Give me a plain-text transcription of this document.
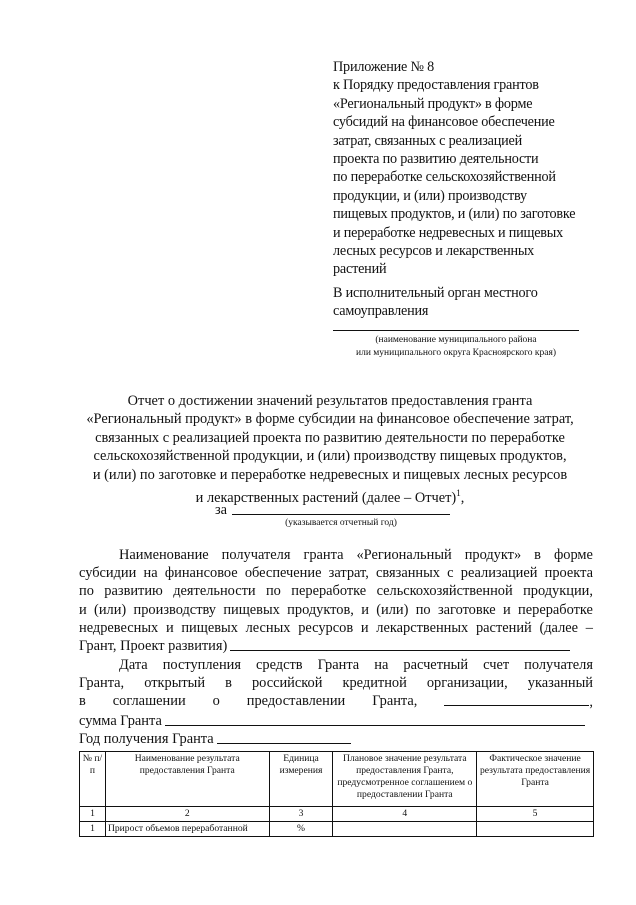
Приложение № 8
к Порядку предоставления грантов
«Региональный продукт» в форме
субсидий на финансовое обеспечение
затрат, связанных с реализацией
проекта по развитию деятельности
по переработке сельскохозяйственной
продукции, и (или) производству
пищевых продуктов, и (или) по заготовке
и переработке недревесных и пищевых
лесных ресурсов и лекарственных
растений
В исполнительный орган местного
самоуправления
(наименование муниципального района
или муниципального округа Красноярского края)
Отчет о достижении значений результатов предоставления гранта
«Региональный продукт» в форме субсидии на финансовое обеспечение затрат,
связанных с реализацией проекта по развитию деятельности по переработке
сельскохозяйственной продукции, и (или) производству пищевых продуктов,
и (или) по заготовке и переработке недревесных и пищевых лесных ресурсов
и лекарственных растений (далее – Отчет)$^1$,
за
(указывается отчетный год)
Наименование получателя гранта «Региональный продукт» в форме
субсидии на финансовое обеспечение затрат, связанных с реализацией проекта
по развитию деятельности по переработке сельскохозяйственной продукции,
и (или) производству пищевых продуктов, и (или) по заготовке и переработке
недревесных и пищевых лесных ресурсов и лекарственных растений (далее –
Грант, Проект развития)
Дата поступления средств Гранта на расчетный счет получателя
Гранта, открытый в российской кредитной организации, указанный
в соглашении о предоставлении Гранта,	,
сумма Гранта
Год получения Гранта
№ п/п	Наименование результата предоставления Гранта	Единица измерения	Плановое значение результата предоставления Гранта, предусмотренное соглашением о предоставлении Гранта	Фактическое значение результата предоставления Гранта
1	2	3	4	5
1	Прирост объемов переработанной	%		
